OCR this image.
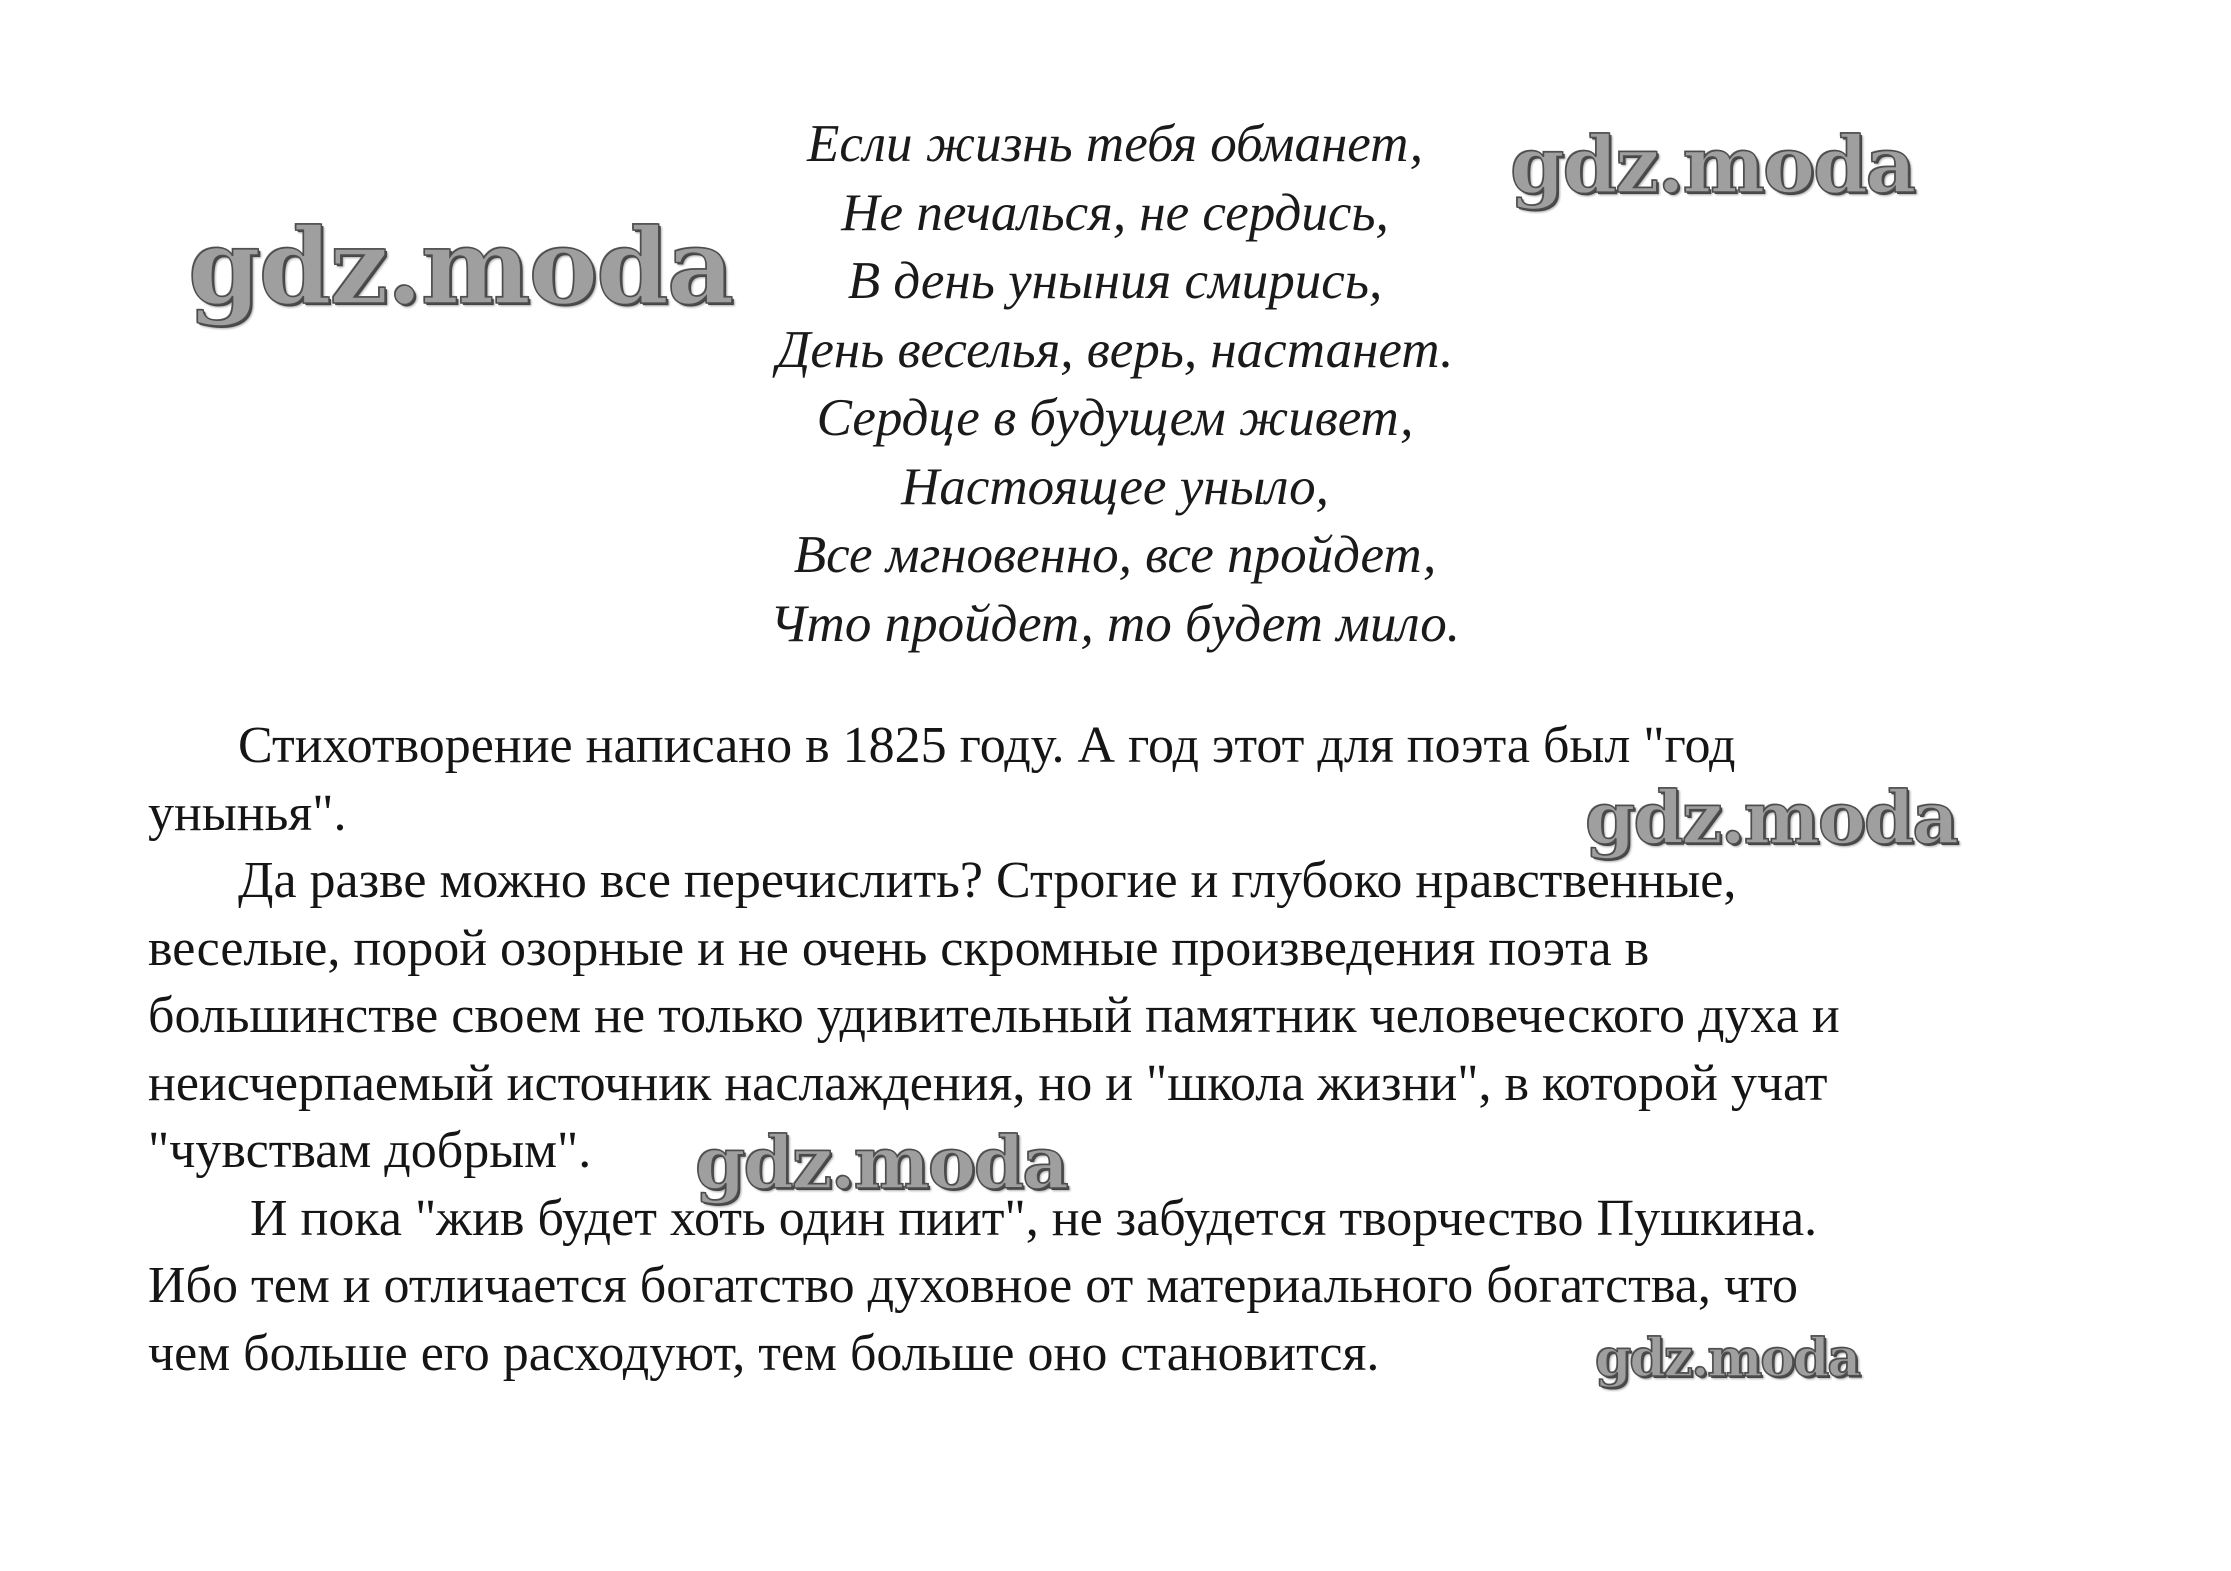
Если жизнь тебя обманет,
Не печалься, не сердись,
В день уныния смирись,
День веселья, верь, настанет.
Сердце в будущем живет,
Настоящее уныло,
Все мгновенно, все пройдет,
Что пройдет, то будет мило.
Стихотворение написано в 1825 году. А год этот для поэта был "год
унынья".
Да разве можно все перечислить? Строгие и глубоко нравственные,
веселые, порой озорные и не очень скромные произведения поэта в
большинстве своем не только удивительный памятник человеческого духа и
неисчерпаемый источник наслаждения, но и "школа жизни", в которой учат
"чувствам добрым".
И пока "жив будет хоть один пиит", не забудется творчество Пушкина.
Ибо тем и отличается богатство духовное от материального богатства, что
чем больше его расходуют, тем больше оно становится.
gdz.moda
gdz.moda
gdz.moda
gdz.moda
gdz.moda
